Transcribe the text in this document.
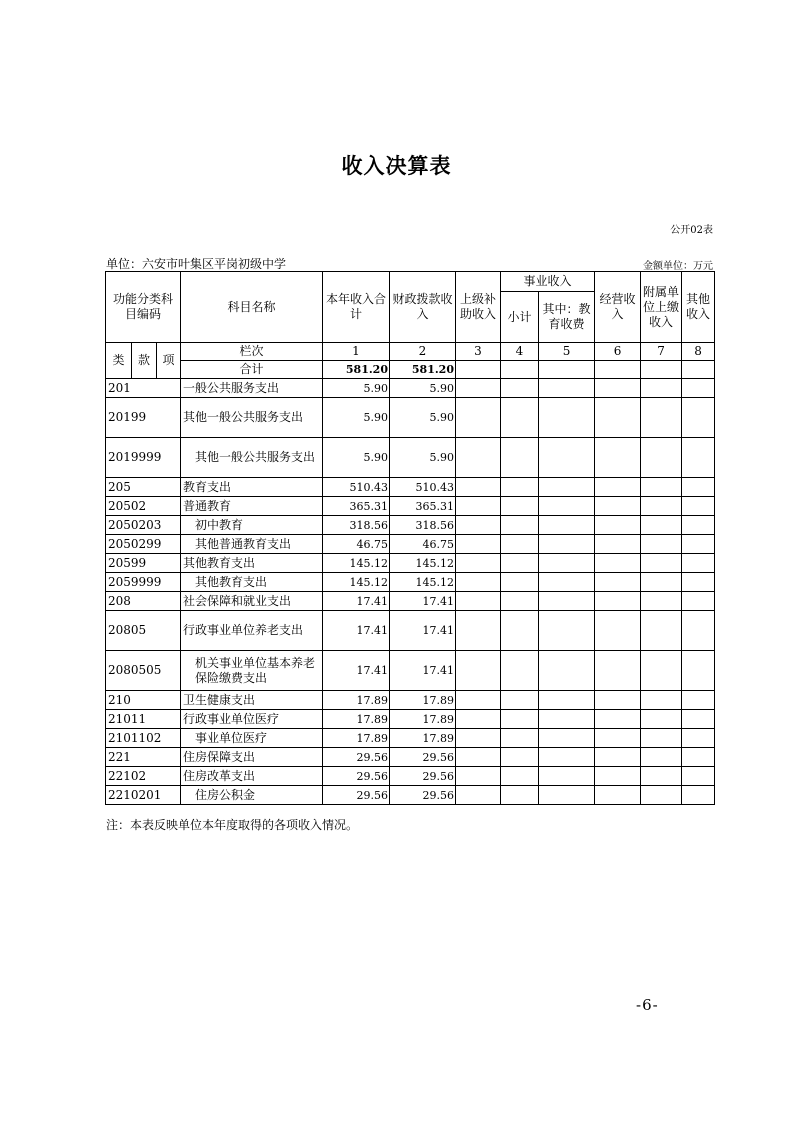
收入决算表
公开02表
单位：六安市叶集区平岗初级中学	金额单位：万元
功能分类科目编码			科目名称	本年收入合计	财政拨款收入	上级补助收入	事业收入		经营收入	附属单位上缴收入	其他收入
							小计	其中：教育收费			
类	款	项	栏次	1	2	3	4	5	6	7	8
			合计	581.20	581.20						
201			一般公共服务支出	5.90	5.90						
20199			其他一般公共服务支出	5.90	5.90						
2019999			其他一般公共服务支出	5.90	5.90						
205			教育支出	510.43	510.43						
20502			普通教育	365.31	365.31						
2050203			初中教育	318.56	318.56						
2050299			其他普通教育支出	46.75	46.75						
20599			其他教育支出	145.12	145.12						
2059999			其他教育支出	145.12	145.12						
208			社会保障和就业支出	17.41	17.41						
20805			行政事业单位养老支出	17.41	17.41						
2080505			机关事业单位基本养老保险缴费支出	17.41	17.41						
210			卫生健康支出	17.89	17.89						
21011			行政事业单位医疗	17.89	17.89						
2101102			事业单位医疗	17.89	17.89						
221			住房保障支出	29.56	29.56						
22102			住房改革支出	29.56	29.56						
2210201			住房公积金	29.56	29.56						
注：本表反映单位本年度取得的各项收入情况。
-6-
